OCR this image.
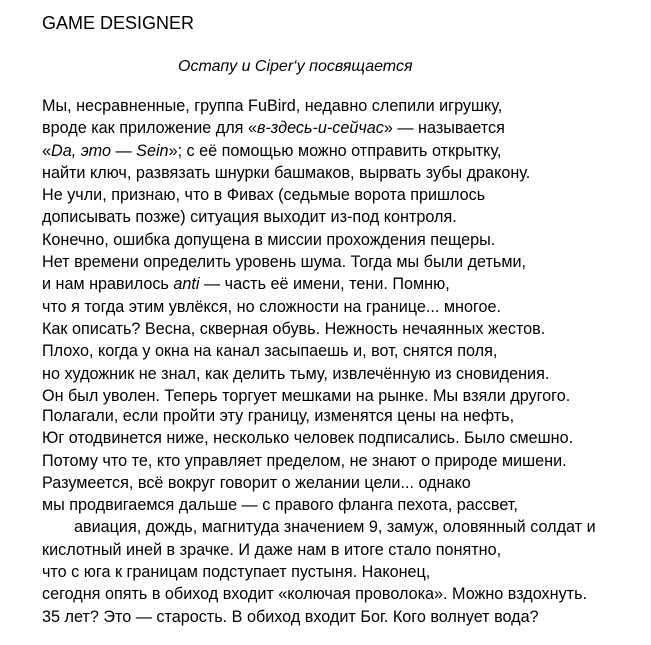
GAME DESIGNER
Остапу и Ciper‘у посвящается
Мы, несравненные, группа FuBird, недавно слепили игрушку,
вроде как приложение для «в-здесь-и-сейчас» — называется
«Da, это — Sein»; с её помощью можно отправить открытку,
найти ключ, развязать шнурки башмаков, вырвать зубы дракону.
Не учли, признаю, что в Фивах (седьмые ворота пришлось
дописывать позже) ситуация выходит из-под контроля.
Конечно, ошибка допущена в миссии прохождения пещеры.
Нет времени определить уровень шума. Тогда мы были детьми,
и нам нравилось anti — часть её имени, тени. Помню,
что я тогда этим увлёкся, но сложности на границе... многое.
Как описать? Весна, скверная обувь. Нежность нечаянных жестов.
Плохо, когда у окна на канал засыпаешь и, вот, снятся поля,
но художник не знал, как делить тьму, извлечённую из сновидения.
Он был уволен. Теперь торгует мешками на рынке. Мы взяли другого.
Полагали, если пройти эту границу, изменятся цены на нефть,
Юг отодвинется ниже, несколько человек подписались. Было смешно.
Потому что те, кто управляет пределом, не знают о природе мишени.
Разумеется, всё вокруг говорит о желании цели... однако
мы продвигаемся дальше — с правого фланга пехота, рассвет,
авиация, дождь, магнитуда значением 9, замуж, оловянный солдат и
кислотный иней в зрачке. И даже нам в итоге стало понятно,
что с юга к границам подступает пустыня. Наконец,
сегодня опять в обиход входит «колючая проволока». Можно вздохнуть.
35 лет? Это — старость. В обиход входит Бог. Кого волнует вода?
